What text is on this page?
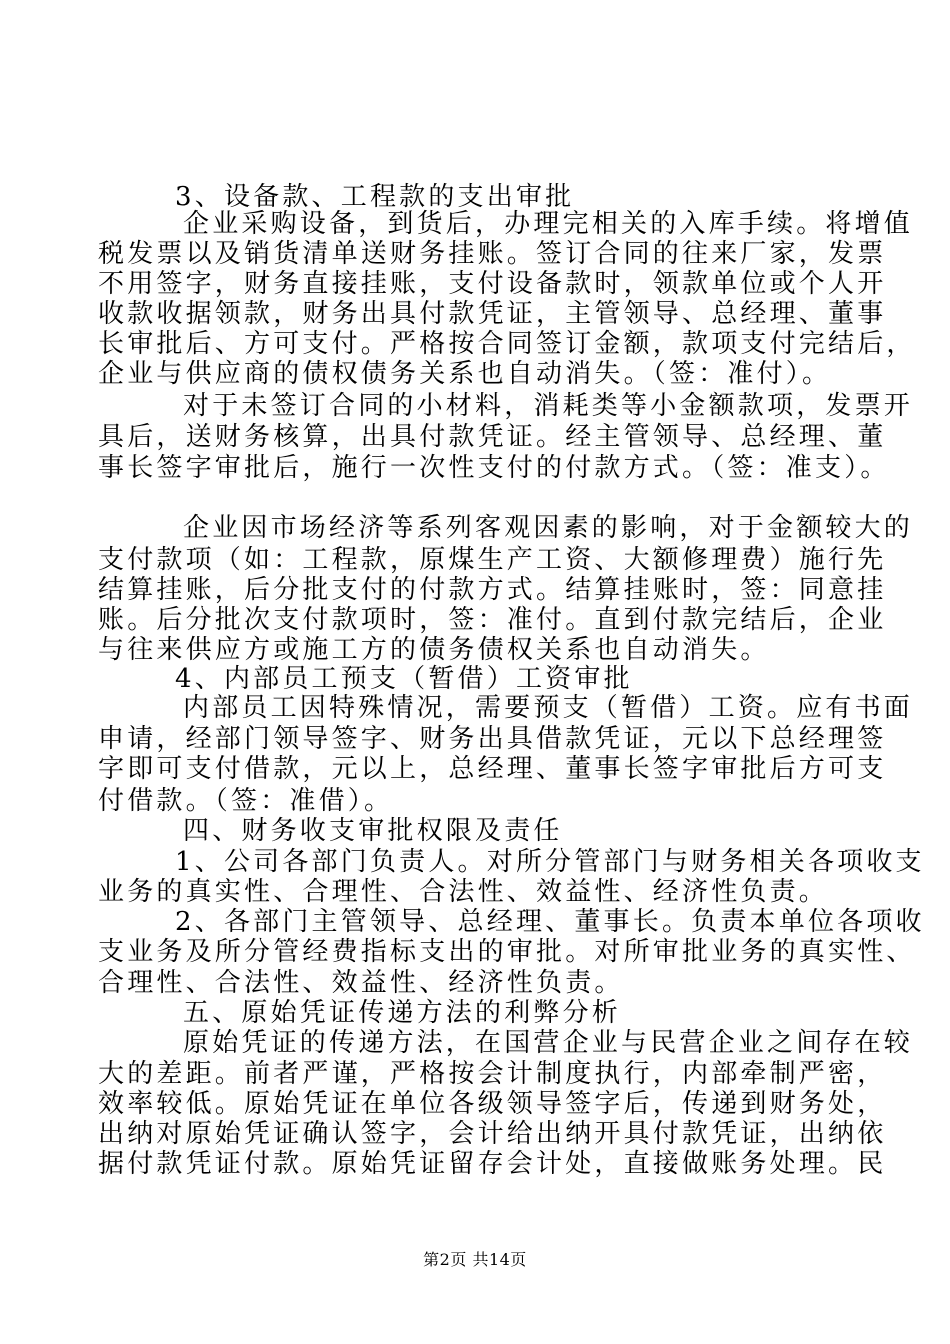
3、设备款、工程款的支出审批
企业采购设备，到货后，办理完相关的入库手续。将增值
税发票以及销货清单送财务挂账。签订合同的往来厂家，发票
不用签字，财务直接挂账，支付设备款时，领款单位或个人开
收款收据领款，财务出具付款凭证，主管领导、总经理、董事
长审批后、方可支付。严格按合同签订金额，款项支付完结后，
企业与供应商的债权债务关系也自动消失。（签：准付）。
对于未签订合同的小材料，消耗类等小金额款项，发票开
具后，送财务核算，出具付款凭证。经主管领导、总经理、董
事长签字审批后，施行一次性支付的付款方式。（签：准支）。
企业因市场经济等系列客观因素的影响，对于金额较大的
支付款项（如：工程款，原煤生产工资、大额修理费）施行先
结算挂账，后分批支付的付款方式。结算挂账时，签：同意挂
账。后分批次支付款项时，签：准付。直到付款完结后，企业
与往来供应方或施工方的债务债权关系也自动消失。
4、内部员工预支（暂借）工资审批
内部员工因特殊情况，需要预支（暂借）工资。应有书面
申请，经部门领导签字、财务出具借款凭证，元以下总经理签
字即可支付借款，元以上，总经理、董事长签字审批后方可支
付借款。（签：准借）。
四、财务收支审批权限及责任
1、公司各部门负责人。对所分管部门与财务相关各项收支
业务的真实性、合理性、合法性、效益性、经济性负责。
2、各部门主管领导、总经理、董事长。负责本单位各项收
支业务及所分管经费指标支出的审批。对所审批业务的真实性、
合理性、合法性、效益性、经济性负责。
五、原始凭证传递方法的利弊分析
原始凭证的传递方法，在国营企业与民营企业之间存在较
大的差距。前者严谨，严格按会计制度执行，内部牵制严密，
效率较低。原始凭证在单位各级领导签字后，传递到财务处，
出纳对原始凭证确认签字，会计给出纳开具付款凭证，出纳依
据付款凭证付款。原始凭证留存会计处，直接做账务处理。民
第2页 共14页
